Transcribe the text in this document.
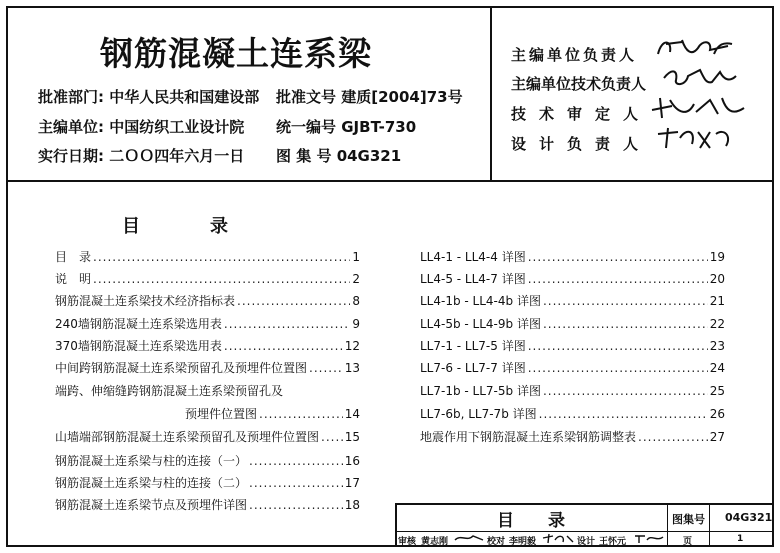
钢筋混凝土连系梁
批准部门: 中华人民共和国建设部 批准文号 建质[2004]73号
主编单位: 中国纺织工业设计院 统一编号 GJBT-730
实行日期: 二ＯＯ四年六月一日 图 集 号 04G321
主编单位负责人
主编单位技术负责人
技术审定人
设计负责人
目	录
目　录 .....	1
说　明 .....	2
钢筋混凝土连系梁技术经济指标表 .....	8
240墙钢筋混凝土连系梁选用表 .....	9
370墙钢筋混凝土连系梁选用表 .....	12
中间跨钢筋混凝土连系梁预留孔及预埋件位置图 .....	13
端跨、伸缩缝跨钢筋混凝土连系梁预留孔及
预埋件位置图 .....	14
山墙端部钢筋混凝土连系梁预留孔及预埋件位置图 ..... 15
钢筋混凝土连系梁与柱的连接（一） .....	16
钢筋混凝土连系梁与柱的连接（二） .....	17
钢筋混凝土连系梁节点及预埋件详图 .....	18
LL4-1 - LL4-4 详图 .....	19
LL4-5 - LL4-7 详图 .....	20
LL4-1b - LL4-4b 详图 .....	21
LL4-5b - LL4-9b 详图 .....	22
LL7-1 - LL7-5 详图 .....	23
LL7-6 - LL7-7 详图 .....	24
LL7-1b - LL7-5b 详图 .....	25
LL7-6b, LL7-7b 详图 .....	26
地震作用下钢筋混凝土连系梁钢筋调整表 .....	27
目　　录	图集号 04G321
审核 黄志刚	校对 李明毅	设计 王怀元	页	1
